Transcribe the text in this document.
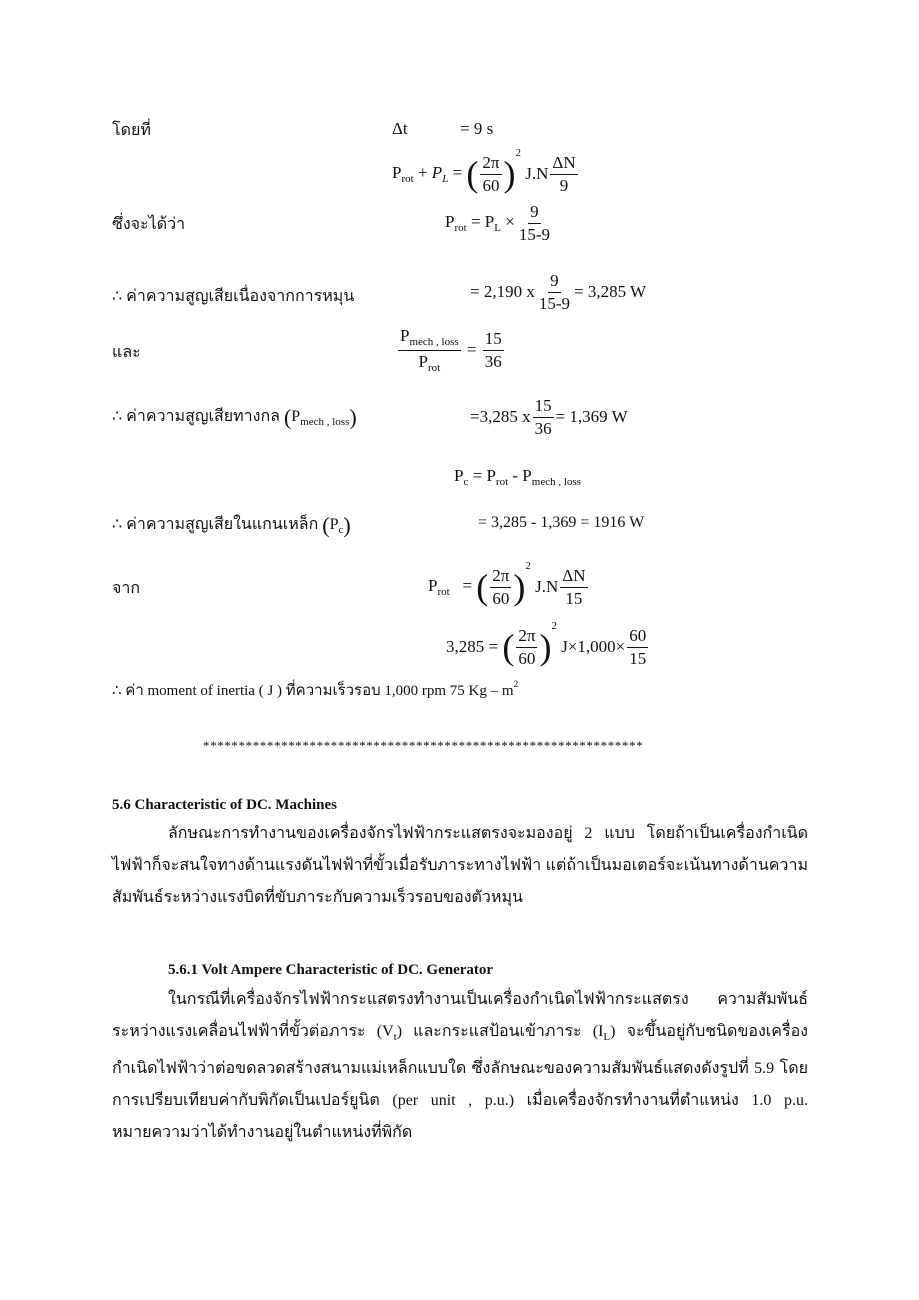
โดยที่	Δt	= 9 s
$P_{rot} + P_L$ = ( $\frac{2\pi}{60} )^2$ $J.N \frac{\Delta N}{9}$
ซึ่งจะได้ว่า	$P_{rot} = P_L \times \frac{9}{15-9}$
∴ ค่าความสูญเสียเนื่องจากการหมุน	= 2,190 x $\frac{9}{15-9} = 3,285$ W
และ	$\frac{P_{mech , loss}}{P_{rot}} = \frac{15}{36}$
∴ ค่าความสูญเสียทางกล $(P_{mech , loss})$	=3,285 x $\frac{15}{36} = 1,369$ W
$P_c = P_{rot} - P_{mech , loss}$
∴ ค่าความสูญเสียในแกนเหล็ก $(P_c)$	= 3,285 - 1,369 = 1916 W
จาก	$P_{rot}$   = ( $\frac{2\pi}{60} )^2$ $J.N \frac{\Delta N}{15}$
3,285 = ( $\frac{2\pi}{60} )^2$ $J\times 1,000\times \frac{60}{15}$
∴ ค่า moment of inertia ( J ) ที่ความเร็วรอบ 1,000 rpm 75 Kg – $m^2$
**************************************************************
5.6 Characteristic of DC. Machines
ลักษณะการทำงานของเครื่องจักรไฟฟ้ากระแสตรงจะมองอยู่ 2 แบบ โดยถ้าเป็นเครื่องกำเนิดไฟฟ้าก็จะสนใจทางด้านแรงดันไฟฟ้าที่ขั้วเมื่อรับภาระทางไฟฟ้า แต่ถ้าเป็นมอเตอร์จะเน้นทางด้านความสัมพันธ์ระหว่างแรงบิดที่ขับภาระกับความเร็วรอบของตัวหมุน
5.6.1 Volt Ampere Characteristic of DC. Generator
ในกรณีที่เครื่องจักรไฟฟ้ากระแสตรงทำงานเป็นเครื่องกำเนิดไฟฟ้ากระแสตรง ความสัมพันธ์ระหว่างแรงเคลื่อนไฟฟ้าที่ขั้วต่อภาระ $(V_t)$ และกระแสป้อนเข้าภาระ $(I_L)$ จะขึ้นอยู่กับชนิดของเครื่องกำเนิดไฟฟ้าว่าต่อขดลวดสร้างสนามแม่เหล็กแบบใด ซึ่งลักษณะของความสัมพันธ์แสดงดังรูปที่ 5.9 โดยการเปรียบเทียบค่ากับพิกัดเป็นเปอร์ยูนิต (per unit , p.u.) เมื่อเครื่องจักรทำงานที่ตำแหน่ง 1.0 p.u. หมายความว่าได้ทำงานอยู่ในตำแหน่งที่พิกัด
